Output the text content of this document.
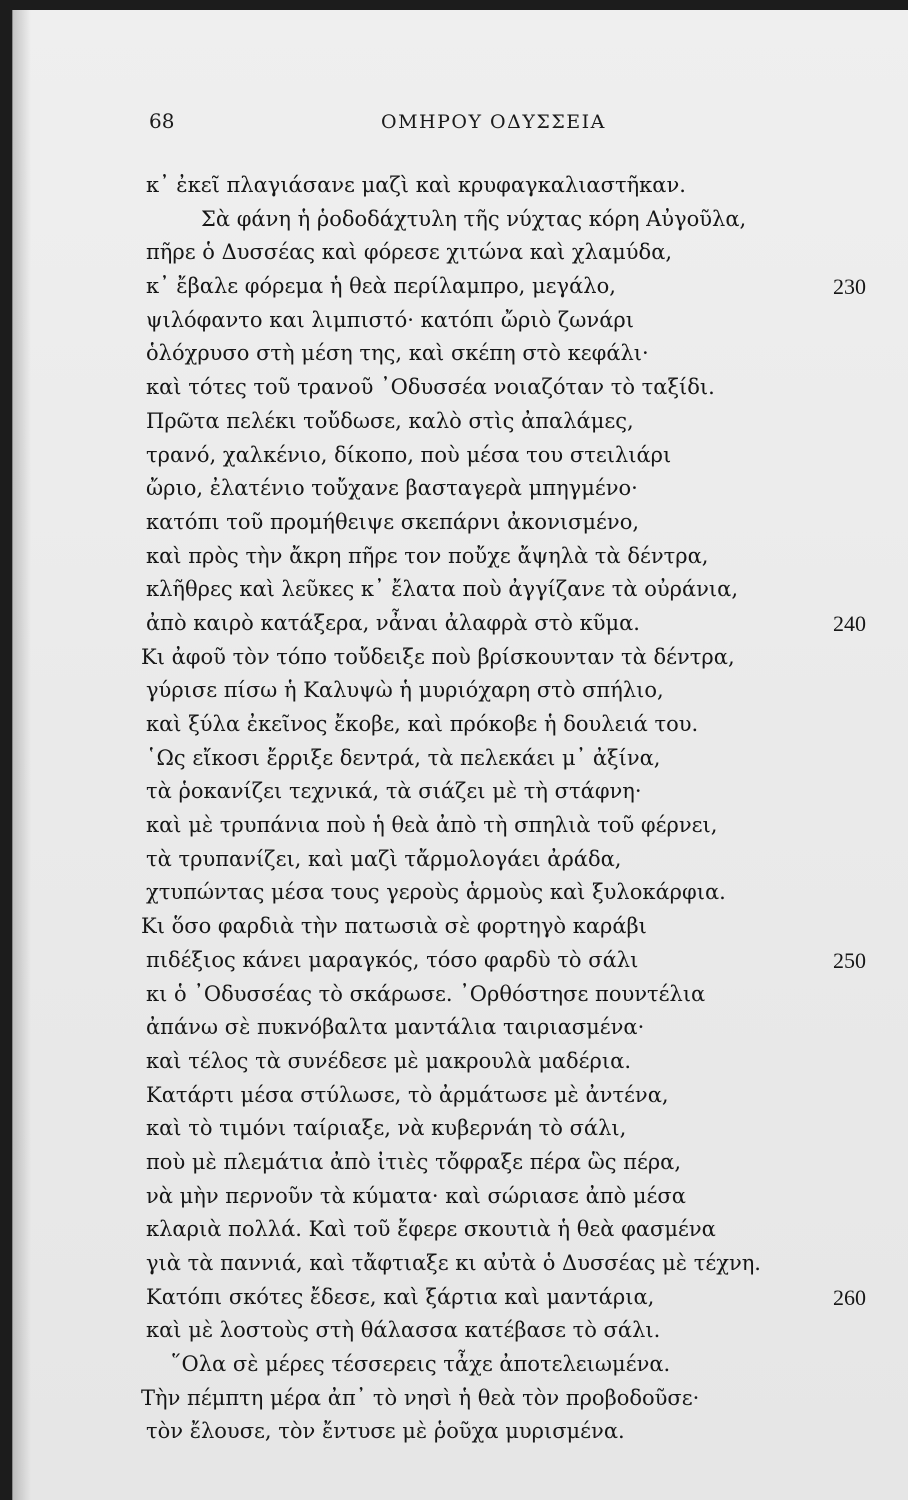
68	ΟΜΗΡΟΥ ΟΔΥΣΣΕΙΑ
κ᾿ ἐκεῖ πλαγιάσανε μαζὶ καὶ κρυφαγκαλιαστῆκαν.
Σὰ φάνη ἡ ῥοδοδάχτυλη τῆς νύχτας κόρη Αὐγοῦλα,
πῆρε ὁ Δυσσέας καὶ φόρεσε χιτώνα καὶ χλαμύδα,
κ᾿ ἔβαλε φόρεμα ἡ θεὰ περίλαμπρο, μεγάλο,	230
ψιλόφαντο και λιμπιστό· κατόπι ὤριὸ ζωνάρι
ὁλόχρυσο στὴ μέση της, καὶ σκέπη στὸ κεφάλι·
καὶ τότες τοῦ τρανοῦ ᾿Οδυσσέα νοιαζόταν τὸ ταξίδι.
Πρῶτα πελέκι τοὔδωσε, καλὸ στὶς ἀπαλάμες,
τρανό, χαλκένιο, δίκοπο, ποὺ μέσα του στειλιάρι
ὤριο, ἐλατένιο τοὔχανε βασταγερὰ μπηγμένο·
κατόπι τοῦ προμήθειψε σκεπάρνι ἀκονισμένο,
καὶ πρὸς τὴν ἄκρη πῆρε τον ποὔχε ἄψηλὰ τὰ δέντρα,
κλῆθρες καὶ λεῦκες κ᾿ ἔλατα ποὺ ἀγγίζανε τὰ οὐράνια,
ἀπὸ καιρὸ κατάξερα, νἆναι ἀλαφρὰ στὸ κῦμα.	240
Κι ἀφοῦ τὸν τόπο τοὔδειξε ποὺ βρίσκουνταν τὰ δέντρα,
γύρισε πίσω ἡ Καλυψὼ ἡ μυριόχαρη στὸ σπήλιο,
καὶ ξύλα ἐκεῖνος ἔκοβε, καὶ πρόκοβε ἡ δουλειά του.
῾Ως εἴκοσι ἔρριξε δεντρά, τὰ πελεκάει μ᾿ ἀξίνα,
τὰ ῥοκανίζει τεχνικά, τὰ σιάζει μὲ τὴ στάφνη·
καὶ μὲ τρυπάνια ποὺ ἡ θεὰ ἀπὸ τὴ σπηλιὰ τοῦ φέρνει,
τὰ τρυπανίζει, καὶ μαζὶ τἄρμολογάει ἀράδα,
χτυπώντας μέσα τους γεροὺς ἁρμοὺς καὶ ξυλοκάρφια.
Κι ὅσο φαρδιὰ τὴν πατωσιὰ σὲ φορτηγὸ καράβι
πιδέξιος κάνει μαραγκός, τόσο φαρδὺ τὸ σάλι	250
κι ὁ ᾿Οδυσσέας τὸ σκάρωσε. ᾿Ορθόστησε πουντέλια
ἀπάνω σὲ πυκνόβαλτα μαντάλια ταιριασμένα·
καὶ τέλος τὰ συνέδεσε μὲ μακρουλὰ μαδέρια.
Κατάρτι μέσα στύλωσε, τὸ ἀρμάτωσε μὲ ἀντένα,
καὶ τὸ τιμόνι ταίριαξε, νὰ κυβερνάη τὸ σάλι,
ποὺ μὲ πλεμάτια ἀπὸ ἰτιὲς τὄφραξε πέρα ὣς πέρα,
νὰ μὴν περνοῦν τὰ κύματα· καὶ σώριασε ἀπὸ μέσα
κλαριὰ πολλά. Καὶ τοῦ ἔφερε σκουτιὰ ἡ θεὰ φασμένα
γιὰ τὰ παννιά, καὶ τἄφτιαξε κι αὐτὰ ὁ Δυσσέας μὲ τέχνη.
Κατόπι σκότες ἔδεσε, καὶ ξάρτια καὶ μαντάρια,	260
καὶ μὲ λοστοὺς στὴ θάλασσα κατέβασε τὸ σάλι.
῞Ολα σὲ μέρες τέσσερεις τἆχε ἀποτελειωμένα.
Τὴν πέμπτη μέρα ἀπ᾿ τὸ νησὶ ἡ θεὰ τὸν προβοδοῦσε·
τὸν ἔλουσε, τὸν ἔντυσε μὲ ῥοῦχα μυρισμένα.
